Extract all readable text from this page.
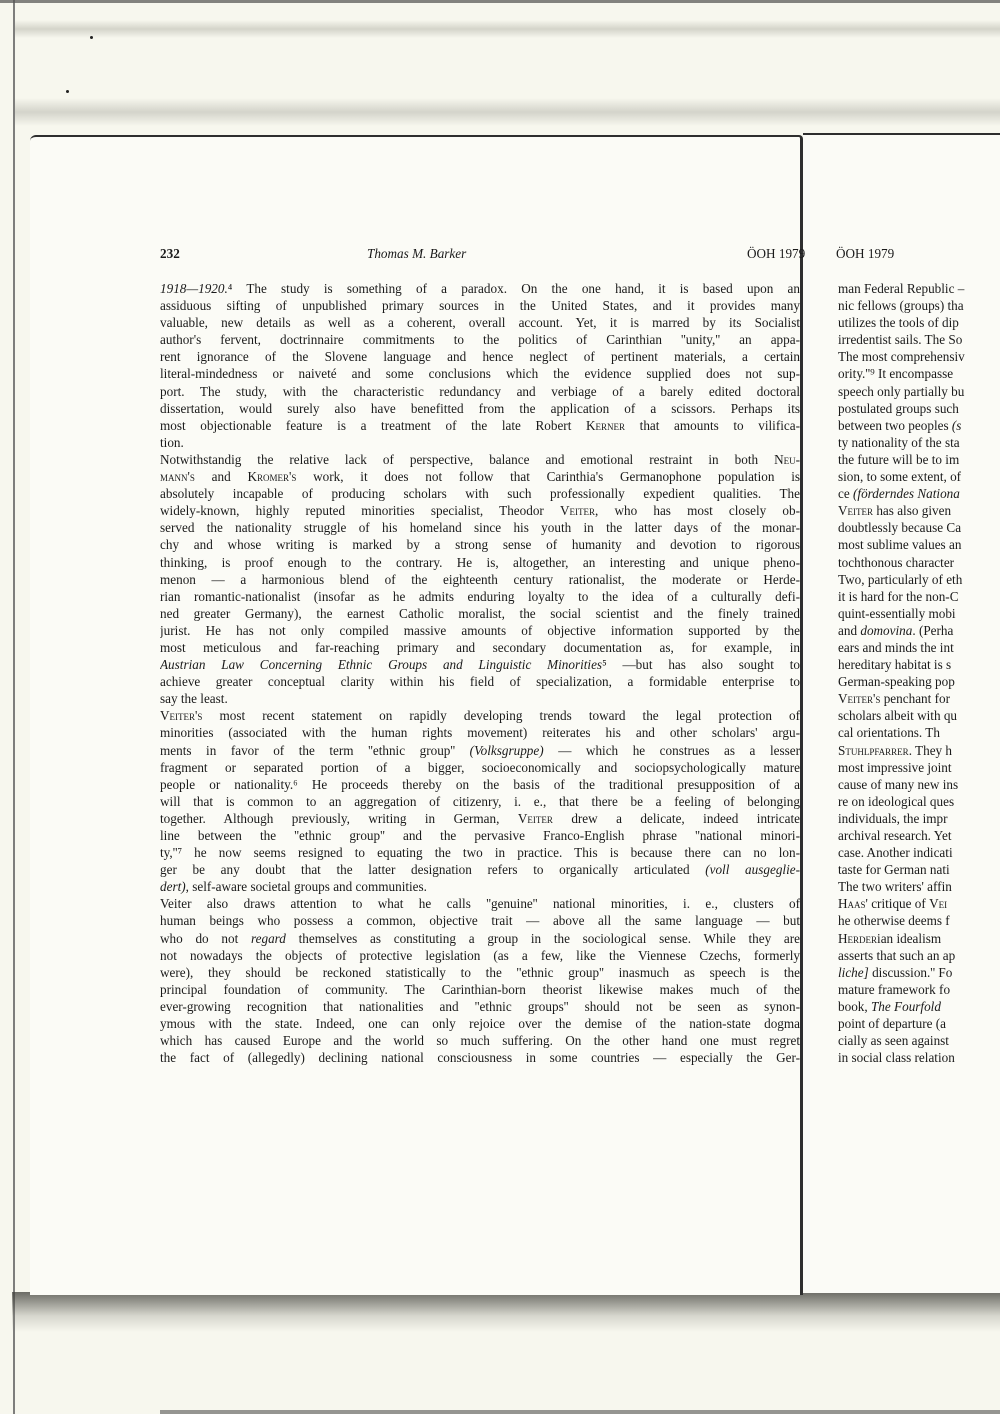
232	Thomas M. Barker	ÖOH 1979 ÖOH 1979
1918—1920.⁴ The study is something of a paradox. On the one hand, it is based upon an
assiduous sifting of unpublished primary sources in the United States, and it provides many
valuable, new details as well as a coherent, overall account. Yet, it is marred by its Socialist
author's fervent, doctrinnaire commitments to the politics of Carinthian ''unity,'' an appa-
rent ignorance of the Slovene language and hence neglect of pertinent materials, a certain
literal-mindedness or naiveté and some conclusions which the evidence supplied does not sup-
port. The study, with the characteristic redundancy and verbiage of a barely edited doctoral
dissertation, would surely also have benefitted from the application of a scissors. Perhaps its
most objectionable feature is a treatment of the late Robert Kerner that amounts to vilifica-
tion.
Notwithstandig the relative lack of perspective, balance and emotional restraint in both Neu-
mann's and Kromer's work, it does not follow that Carinthia's Germanophone population is
absolutely incapable of producing scholars with such professionally expedient qualities. The
widely-known, highly reputed minorities specialist, Theodor Veiter, who has most closely ob-
served the nationality struggle of his homeland since his youth in the latter days of the monar-
chy and whose writing is marked by a strong sense of humanity and devotion to rigorous
thinking, is proof enough to the contrary. He is, altogether, an interesting and unique pheno-
menon — a harmonious blend of the eighteenth century rationalist, the moderate or Herde-
rian romantic-nationalist (insofar as he admits enduring loyalty to the idea of a culturally defi-
ned greater Germany), the earnest Catholic moralist, the social scientist and the finely trained
jurist. He has not only compiled massive amounts of objective information supported by the
most meticulous and far-reaching primary and secondary documentation as, for example, in
Austrian Law Concerning Ethnic Groups and Linguistic Minorities⁵ —but has also sought to
achieve greater conceptual clarity within his field of specialization, a formidable enterprise to
say the least.
Veiter's most recent statement on rapidly developing trends toward the legal protection of
minorities (associated with the human rights movement) reiterates his and other scholars' argu-
ments in favor of the term ''ethnic group'' (Volksgruppe) — which he construes as a lesser
fragment or separated portion of a bigger, socioeconomically and sociopsychologically mature
people or nationality.⁶ He proceeds thereby on the basis of the traditional presupposition of a
will that is common to an aggregation of citizenry, i. e., that there be a feeling of belonging
together. Although previously, writing in German, Veiter drew a delicate, indeed intricate
line between the ''ethnic group'' and the pervasive Franco-English phrase ''national minori-
ty,''⁷ he now seems resigned to equating the two in practice. This is because there can no lon-
ger be any doubt that the latter designation refers to organically articulated (voll ausgeglie-
dert), self-aware societal groups and communities.
Veiter also draws attention to what he calls ''genuine'' national minorities, i. e., clusters of
human beings who possess a common, objective trait — above all the same language — but
who do not regard themselves as constituting a group in the sociological sense. While they are
not nowadays the objects of protective legislation (as a few, like the Viennese Czechs, formerly
were), they should be reckoned statistically to the ''ethnic group'' inasmuch as speech is the
principal foundation of community. The Carinthian-born theorist likewise makes much of the
ever-growing recognition that nationalities and ''ethnic groups'' should not be seen as synon-
ymous with the state. Indeed, one can only rejoice over the demise of the nation-state dogma
which has caused Europe and the world so much suffering. On the other hand one must regret
the fact of (allegedly) declining national consciousness in some countries — especially the Ger-
man Federal Republic –
nic fellows (groups) tha
utilizes the tools of dip
irredentist sails. The So
The most comprehensiv
ority.''⁹ It encompasse
speech only partially bu
postulated groups such
between two peoples (s
ty nationality of the sta
the future will be to im
sion, to some extent, of
ce (förderndes Nationa
Veiter has also given
doubtlessly because Ca
most sublime values an
tochthonous character
Two, particularly of eth
it is hard for the non-C
quint-essentially mobi
and domovina. (Perha
ears and minds the int
hereditary habitat is s
German-speaking pop
Veiter's penchant for
scholars albeit with qu
cal orientations. Th
Stuhlpfarrer. They h
most impressive joint
cause of many new ins
re on ideological ques
individuals, the impr
archival research. Yet
case. Another indicati
taste for German nati
The two writers' affin
Haas' critique of Vei
he otherwise deems f
Herderian idealism
asserts that such an ap
liche] discussion.'' Fo
mature framework fo
book, The Fourfold
point of departure (a
cially as seen against
in social class relation
